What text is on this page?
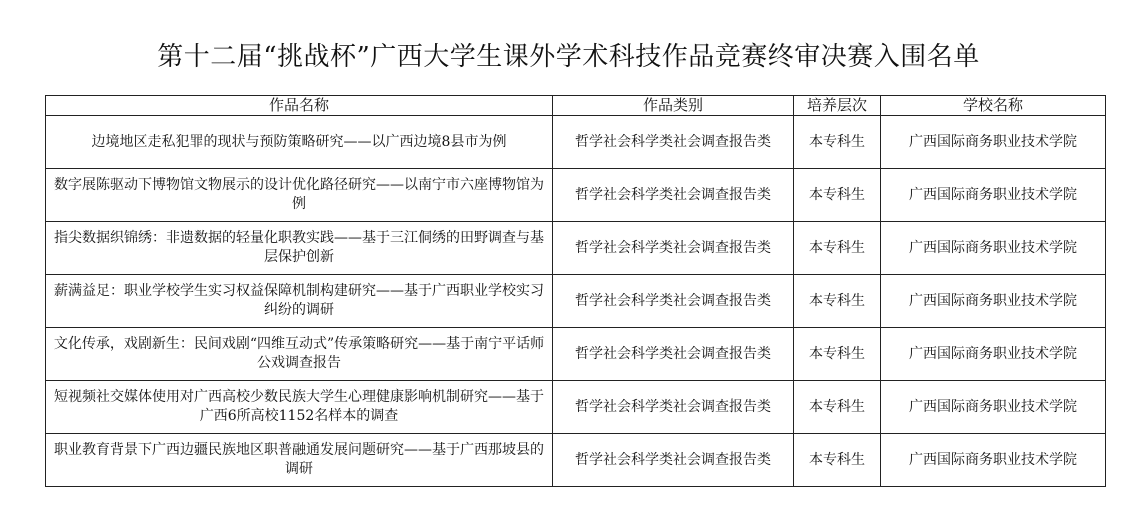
第十二届“挑战杯”广西大学生课外学术科技作品竞赛终审决赛入围名单
作品名称	作品类别	培养层次	学校名称
边境地区走私犯罪的现状与预防策略研究——以广西边境8县市为例	哲学社会科学类社会调查报告类	本专科生	广西国际商务职业技术学院
数字展陈驱动下博物馆文物展示的设计优化路径研究——以南宁市六座博物馆为例	哲学社会科学类社会调查报告类	本专科生	广西国际商务职业技术学院
指尖数据织锦绣：非遗数据的轻量化职教实践——基于三江侗绣的田野调查与基层保护创新	哲学社会科学类社会调查报告类	本专科生	广西国际商务职业技术学院
薪满益足：职业学校学生实习权益保障机制构建研究——基于广西职业学校实习纠纷的调研	哲学社会科学类社会调查报告类	本专科生	广西国际商务职业技术学院
文化传承，戏剧新生：民间戏剧“四维互动式”传承策略研究——基于南宁平话师公戏调查报告	哲学社会科学类社会调查报告类	本专科生	广西国际商务职业技术学院
短视频社交媒体使用对广西高校少数民族大学生心理健康影响机制研究——基于广西6所高校1152名样本的调查	哲学社会科学类社会调查报告类	本专科生	广西国际商务职业技术学院
职业教育背景下广西边疆民族地区职普融通发展问题研究——基于广西那坡县的调研	哲学社会科学类社会调查报告类	本专科生	广西国际商务职业技术学院
